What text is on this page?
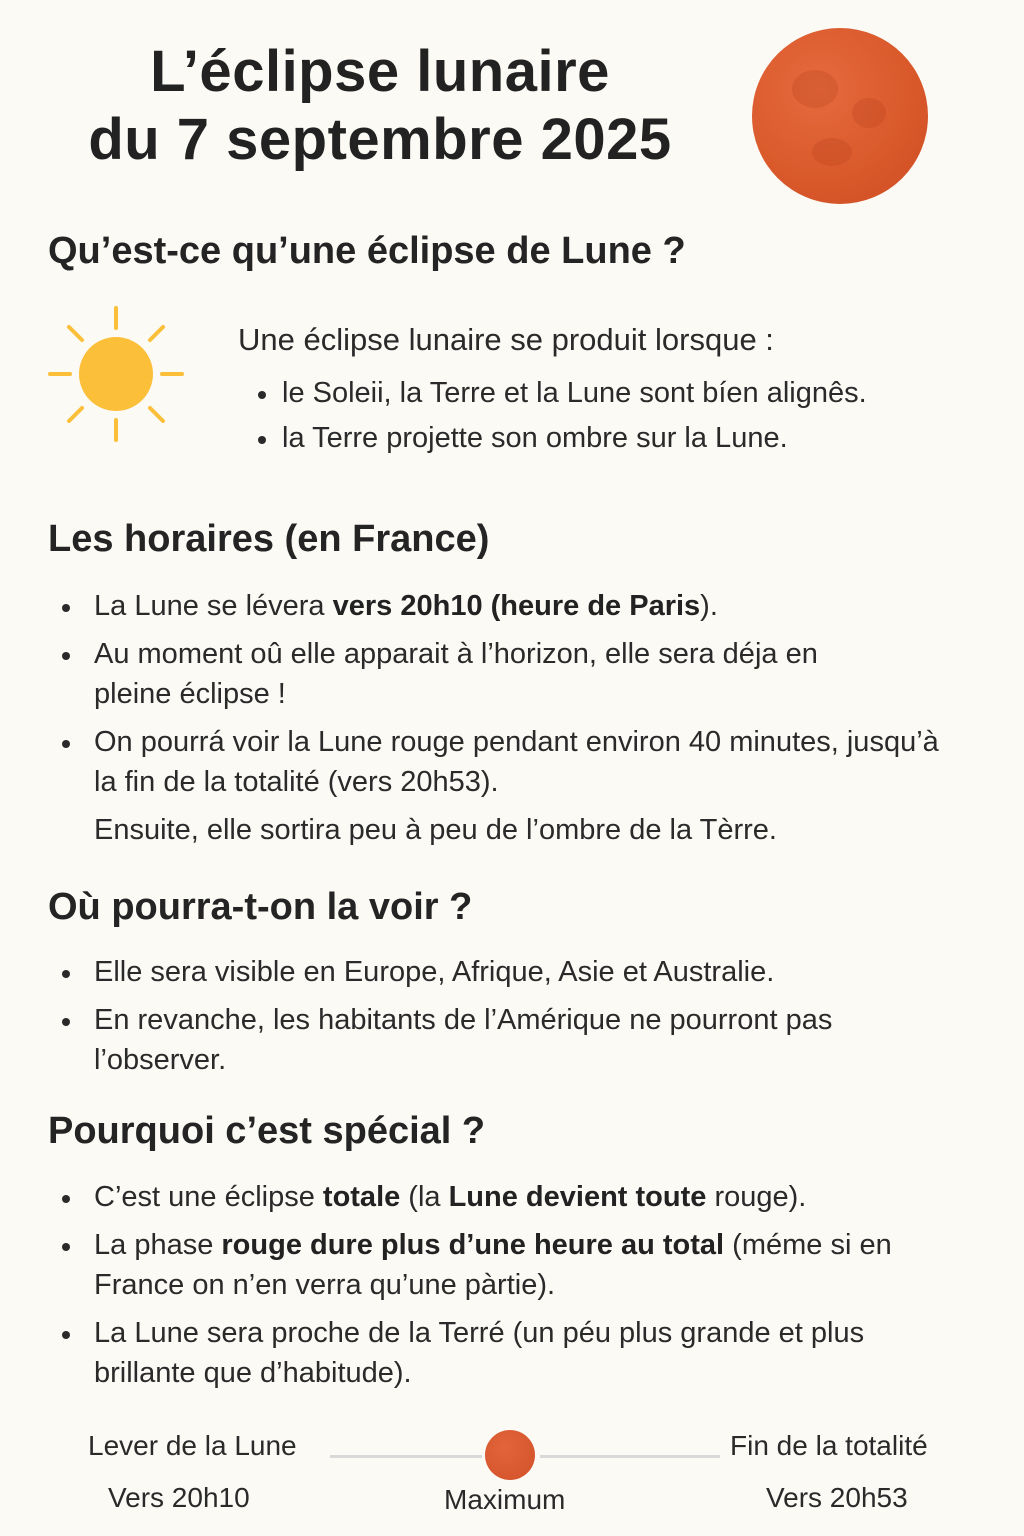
L’éclipse lunaire
du 7 septembre 2025
Qu’est-ce qu’une éclipse de Lune ?

Une éclipse lunaire se produit lorsque :

le Soleii, la Terre et la Lune sont bíen alignês.
la Terre projette son ombre sur la Lune.
Les horaires (en France)
La Lune se lévera vers 20h10 (heure de Paris).
Au moment oû elle apparait à l’horizon, elle sera déja en pleine éclipse !
On pourrá voir la Lune rouge pendant environ 40 minutes, jusqu’à la fin de la totalité (vers 20h53).

Ensuite, elle sortira peu à peu de l’ombre de la Tèrre.

Où pourra-t-on la voir ?
Elle sera visible en Europe, Afrique, Asie et Australie.
En revanche, les habitants de l’Amérique ne pourront pas l’observer.
Pourquoi c’est spécial ?
C’est une éclipse totale (la Lune devient toute rouge).
La phase rouge dure plus d’une heure au total (méme si en France on n’en verra qu’une pàrtie).
La Lune sera proche de la Terré (un péu plus grande et plus brillante que d’habitude).

Lever de la Lune

Vers 20h10	Maximum

Fin de la totalité

Vers 20h53
